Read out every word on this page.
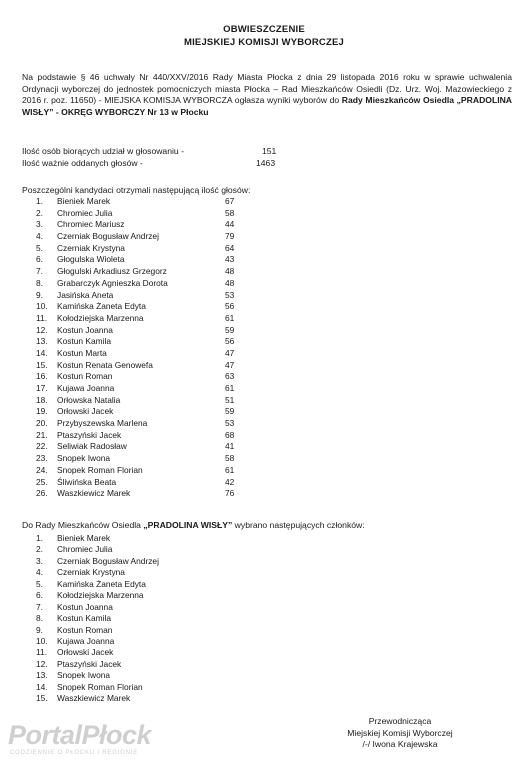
OBWIESZCZENIE
MIEJSKIEJ KOMISJI WYBORCZEJ
Na podstawie § 46 uchwały Nr 440/XXV/2016 Rady Miasta Płocka z dnia 29 listopada 2016 roku w sprawie uchwalenia Ordynacji wyborczej do jednostek pomocniczych miasta Płocka – Rad Mieszkańców Osiedli (Dz. Urz. Woj. Mazowieckiego z 2016 r. poz. 11650) - MIEJSKA KOMISJA WYBORCZA ogłasza wyniki wyborów do Rady Mieszkańców Osiedla „PRADOLINA WISŁY” - OKRĘG WYBORCZY Nr 13 w Płocku
Ilość osób biorących udział w głosowaniu -	151
Ilość ważnie oddanych głosów -	1463
Poszczególni kandydaci otrzymali następującą ilość głosów:
1.	Bieniek Marek	67
2.	Chromiec Julia	58
3.	Chromiec Mariusz	44
4.	Czerniak Bogusław Andrzej	79
5.	Czerniak Krystyna	64
6.	Głogulska Wioleta	43
7.	Głogulski Arkadiusz Grzegorz	48
8.	Grabarczyk Agnieszka Dorota	48
9.	Jasińska Aneta	53
10.	Kamińska Żaneta Edyta	56
11.	Kołodziejska Marzenna	61
12.	Kostun Joanna	59
13.	Kostun Kamila	56
14.	Kostun Marta	47
15.	Kostun Renata Genowefa	47
16.	Kostun Roman	63
17.	Kujawa Joanna	61
18.	Orłowska Natalia	51
19.	Orłowski Jacek	59
20.	Przybyszewska Marlena	53
21.	Ptaszyński Jacek	68
22.	Seliwiak Radosław	41
23.	Snopek Iwona	58
24.	Snopek Roman Florian	61
25.	Śliwińska Beata	42
26.	Waszkiewicz Marek	76
Do Rady Mieszkańców Osiedla „PRADOLINA WISŁY” wybrano następujących członków:
1.	Bieniek Marek
2.	Chromiec Julia
3.	Czerniak Bogusław Andrzej
4.	Czerniak Krystyna
5.	Kamińska Żaneta Edyta
6.	Kołodziejska Marzenna
7.	Kostun Joanna
8.	Kostun Kamila
9.	Kostun Roman
10.	Kujawa Joanna
11.	Orłowski Jacek
12.	Ptaszyński Jacek
13.	Snopek Iwona
14.	Snopek Roman Florian
15.	Waszkiewicz Marek
Przewodnicząca
Miejskiej Komisji Wyborczej
/-/ Iwona Krajewska
PortalPłock
CODZIENNIE O PŁOCKU I REGIONIE
